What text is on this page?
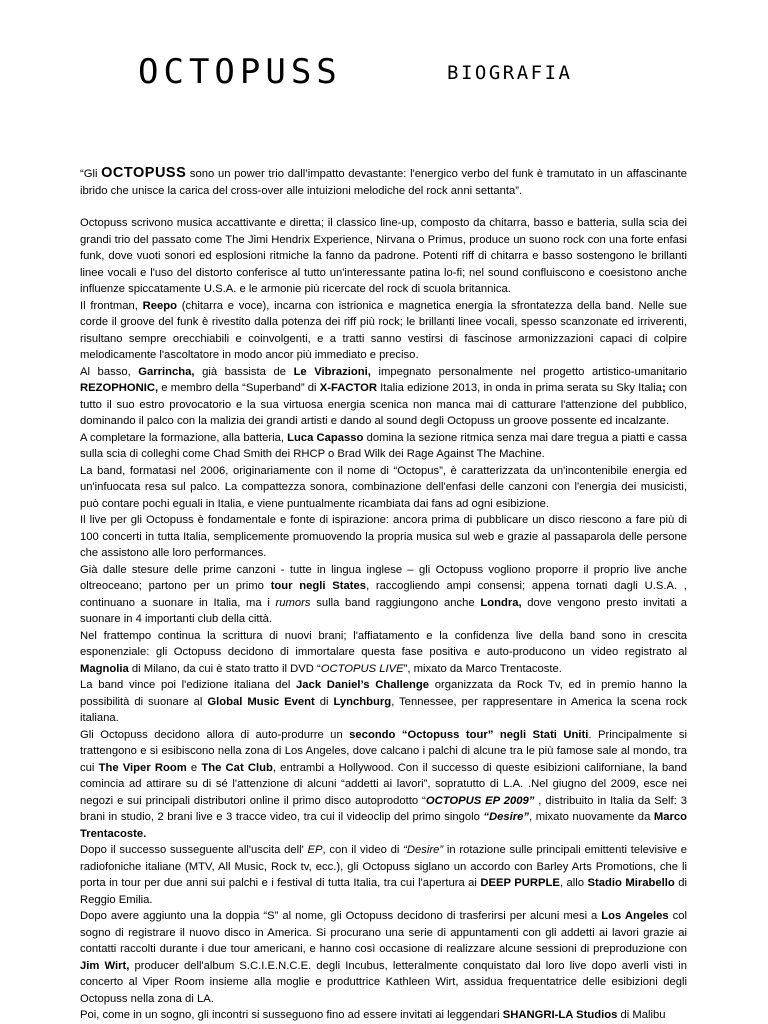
OCTOPUSS	BIOGRAFIA

“Gli OCTOPUSS sono un power trio dall’impatto devastante: l'energico verbo del funk è tramutato in un affascinante ibrido che unisce la carica del cross-over alle intuizioni melodiche del rock anni settanta”.

Octopuss scrivono musica accattivante e diretta; il classico line-up, composto da chitarra, basso e batteria, sulla scia dei grandi trio del passato come The Jimi Hendrix Experience, Nirvana o Primus, produce un suono rock con una forte enfasi funk, dove vuoti sonori ed esplosioni ritmiche la fanno da padrone. Potenti riff di chitarra e basso sostengono le brillanti linee vocali e l'uso del distorto conferisce al tutto un'interessante patina lo-fi; nel sound confluiscono e coesistono anche influenze spiccatamente U.S.A. e le armonie più ricercate del rock di scuola britannica.

Il frontman, Reepo (chitarra e voce), incarna con istrionica e magnetica energia la sfrontatezza della band. Nelle sue corde il groove del funk è rivestito dalla potenza dei riff più rock; le brillanti linee vocali, spesso scanzonate ed irriverenti, risultano sempre orecchiabili e coinvolgenti, e a tratti sanno vestirsi di fascinose armonizzazioni capaci di colpire melodicamente l'ascoltatore in modo ancor più immediato e preciso.

Al basso, Garrincha, già bassista de Le Vibrazioni, impegnato personalmente nel progetto artistico-umanitario REZOPHONIC, e membro della “Superband” di X-FACTOR Italia edizione 2013, in onda in prima serata su Sky Italia; con tutto il suo estro provocatorio e la sua virtuosa energia scenica non manca mai di catturare l'attenzione del pubblico, dominando il palco con la malizia dei grandi artisti e dando al sound degli Octopuss un groove possente ed incalzante.

A completare la formazione, alla batteria, Luca Capasso domina la sezione ritmica senza mai dare tregua a piatti e cassa sulla scia di colleghi come Chad Smith dei RHCP o Brad Wilk dei Rage Against The Machine.

La band, formatasi nel 2006, originariamente con il nome di “Octopus”, è caratterizzata da un'incontenibile energia ed un'infuocata resa sul palco. La compattezza sonora, combinazione dell'enfasi delle canzoni con l'energia dei musicisti, può contare pochi eguali in Italia, e viene puntualmente ricambiata dai fans ad ogni esibizione.

Il live per gli Octopuss è fondamentale e fonte di ispirazione: ancora prima di pubblicare un disco riescono a fare più di 100 concerti in tutta Italia, semplicemente promuovendo la propria musica sul web e grazie al passaparola delle persone che assistono alle loro performances.

Già dalle stesure delle prime canzoni - tutte in lingua inglese – gli Octopuss vogliono proporre il proprio live anche oltreoceano; partono per un primo tour negli States, raccogliendo ampi consensi; appena tornati dagli U.S.A. , continuano a suonare in Italia, ma i rumors sulla band raggiungono anche Londra, dove vengono presto invitati a suonare in 4 importanti club della città.

Nel frattempo continua la scrittura di nuovi brani; l'affiatamento e la confidenza live della band sono in crescita esponenziale: gli Octopuss decidono di immortalare questa fase positiva e auto-producono un video registrato al Magnolia di Milano, da cui è stato tratto il DVD “OCTOPUS LIVE”, mixato da Marco Trentacoste.

La band vince poi l'edizione italiana del Jack Daniel’s Challenge organizzata da Rock Tv, ed in premio hanno la possibilità di suonare al Global Music Event di Lynchburg, Tennessee, per rappresentare in America la scena rock italiana.

Gli Octopuss decidono allora di auto-produrre un secondo “Octopuss tour” negli Stati Uniti. Principalmente si trattengono e si esibiscono nella zona di Los Angeles, dove calcano i palchi di alcune tra le più famose sale al mondo, tra cui The Viper Room e The Cat Club, entrambi a Hollywood. Con il successo di queste esibizioni californiane, la band comincia ad attirare su di sé l'attenzione di alcuni “addetti ai lavori”, sopratutto di L.A. .Nel giugno del 2009, esce nei negozi e sui principali distributori online il primo disco autoprodotto “OCTOPUS EP 2009” , distribuito in Italia da Self: 3 brani in studio, 2 brani live e 3 tracce video, tra cui il videoclip del primo singolo “Desire”, mixato nuovamente da Marco Trentacoste.

Dopo il successo susseguente all'uscita dell' EP, con il video di “Desire” in rotazione sulle principali emittenti televisive e radiofoniche italiane (MTV, All Music, Rock tv, ecc.), gli Octopuss siglano un accordo con Barley Arts Promotions, che li porta in tour per due anni sui palchi e i festival di tutta Italia, tra cui l'apertura ai DEEP PURPLE, allo Stadio Mirabello di Reggio Emilia.

Dopo avere aggiunto una la doppia “S” al nome, gli Octopuss decidono di trasferirsi per alcuni mesi a Los Angeles col sogno di registrare il nuovo disco in America. Si procurano una serie di appuntamenti con gli addetti ai lavori grazie ai contatti raccolti durante i due tour americani, e hanno così occasione di realizzare alcune sessioni di preproduzione con Jim Wirt, producer dell'album S.C.I.E.N.C.E. degli Incubus, letteralmente conquistato dal loro live dopo averli visti in concerto al Viper Room insieme alla moglie e produttrice Kathleen Wirt, assidua frequentatrice delle esibizioni degli Octopuss nella zona di LA.

Poi, come in un sogno, gli incontri si susseguono fino ad essere invitati ai leggendari SHANGRI-LA Studios di Malibu
